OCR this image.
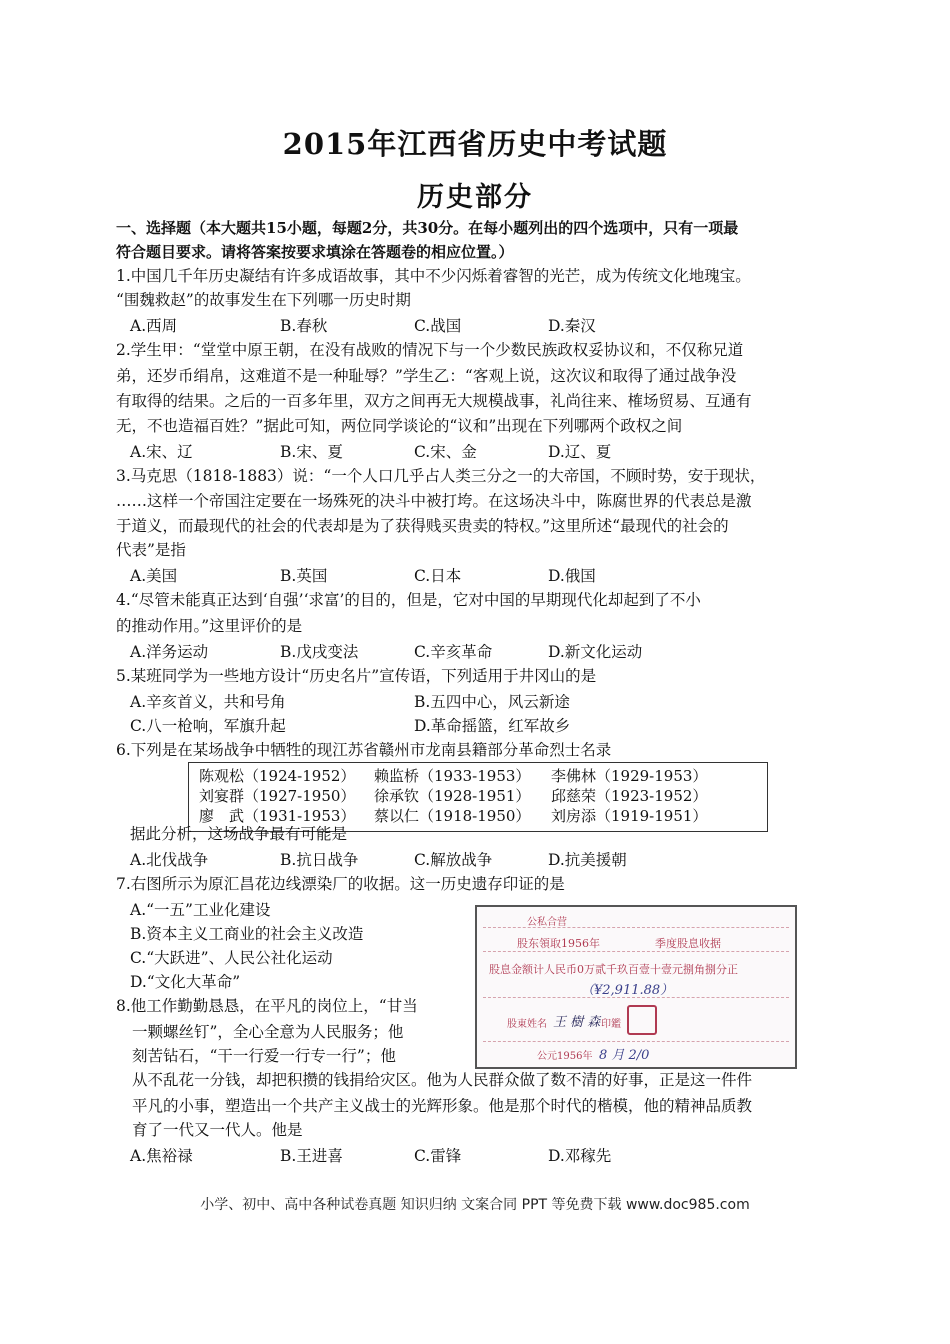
2015年江西省历史中考试题
历史部分
一、选择题（本大题共15小题，每题2分，共30分。在每小题列出的四个选项中，只有一项最
符合题目要求。请将答案按要求填涂在答题卷的相应位置。）
1.中国几千年历史凝结有许多成语故事，其中不少闪烁着睿智的光芒，成为传统文化地瑰宝。
“围魏救赵”的故事发生在下列哪一历史时期
A.西周	B.春秋	C.战国	D.秦汉
2.学生甲：“堂堂中原王朝，在没有战败的情况下与一个少数民族政权妥协议和，不仅称兄道
弟，还岁币绢帛，这难道不是一种耻辱？”学生乙：“客观上说，这次议和取得了通过战争没
有取得的结果。之后的一百多年里，双方之间再无大规模战事，礼尚往来、榷场贸易、互通有
无，不也造福百姓？”据此可知，两位同学谈论的“议和”出现在下列哪两个政权之间
A.宋、辽	B.宋、夏	C.宋、金	D.辽、夏
3.马克思（1818-1883）说：“一个人口几乎占人类三分之一的大帝国，不顾时势，安于现状，
……这样一个帝国注定要在一场殊死的决斗中被打垮。在这场决斗中，陈腐世界的代表总是激
于道义，而最现代的社会的代表却是为了获得贱买贵卖的特权。”这里所述“最现代的社会的
代表”是指
A.美国	B.英国	C.日本	D.俄国
4.“尽管未能真正达到‘自强’‘求富’的目的，但是，它对中国的早期现代化却起到了不小
的推动作用。”这里评价的是
A.洋务运动	B.戊戌变法	C.辛亥革命	D.新文化运动
5.某班同学为一些地方设计“历史名片”宣传语，下列适用于井冈山的是
A.辛亥首义，共和号角	B.五四中心，风云新途
C.八一枪响，军旗升起	D.革命摇篮，红军故乡
6.下列是在某场战争中牺牲的现江苏省赣州市龙南县籍部分革命烈士名录
陈观松（1924-1952） 赖监桥（1933-1953） 李佛林（1929-1953）
刘宴群（1927-1950） 徐承钦（1928-1951） 邱慈荣（1923-1952）
廖　武（1931-1953） 蔡以仁（1918-1950） 刘房添（1919-1951）
据此分析，这场战争最有可能是
A.北伐战争	B.抗日战争	C.解放战争	D.抗美援朝
7.右图所示为原汇昌花边线漂染厂的收据。这一历史遗存印证的是
A.“一五”工业化建设
B.资本主义工商业的社会主义改造
C.“大跃进”、人民公社化运动
D.“文化大革命”
8.他工作勤勤恳恳，在平凡的岗位上，“甘当
一颗螺丝钉”，全心全意为人民服务；他
刻苦钻石，“干一行爱一行专一行”；他
从不乱花一分钱，却把积攒的钱捐给灾区。他为人民群众做了数不清的好事，正是这一件件
平凡的小事，塑造出一个共产主义战士的光辉形象。他是那个时代的楷模，他的精神品质教
育了一代又一代人。他是
A.焦裕禄	B.王进喜	C.雷锋	D.邓稼先
公私合营
股东領取1956年	季度股息收据
股息金额计人民币0万贰千玖百壹十壹元捌角捌分正
（¥2,911.88）
股東姓名 王 樹 森 印鑑
公元1956年 8 月 2/0
小学、初中、高中各种试卷真题 知识归纳 文案合同 PPT 等免费下载 www.doc985.com
